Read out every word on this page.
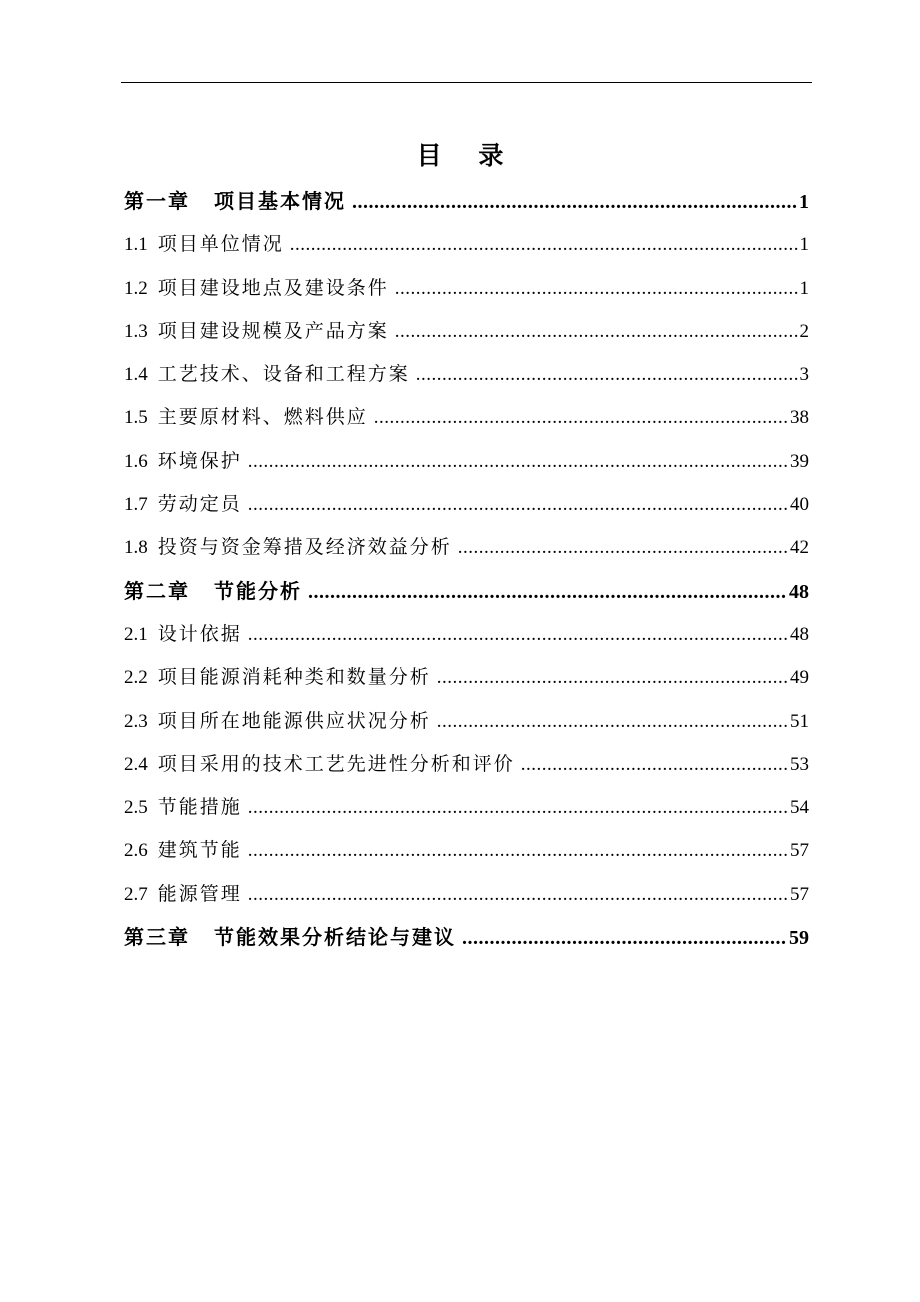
目 录
第一章 项目基本情况 .....	1
1.1 项目单位情况 .....	1
1.2 项目建设地点及建设条件 .....	1
1.3 项目建设规模及产品方案 .....	2
1.4 工艺技术、设备和工程方案 .....	3
1.5 主要原材料、燃料供应 .....	38
1.6 环境保护 .....	39
1.7 劳动定员 .....	40
1.8 投资与资金筹措及经济效益分析 .....	42
第二章 节能分析 .....	48
2.1 设计依据 .....	48
2.2 项目能源消耗种类和数量分析 .....	49
2.3 项目所在地能源供应状况分析 .....	51
2.4 项目采用的技术工艺先进性分析和评价 .....	53
2.5 节能措施 .....	54
2.6 建筑节能 .....	57
2.7 能源管理 .....	57
第三章 节能效果分析结论与建议 .....	59
